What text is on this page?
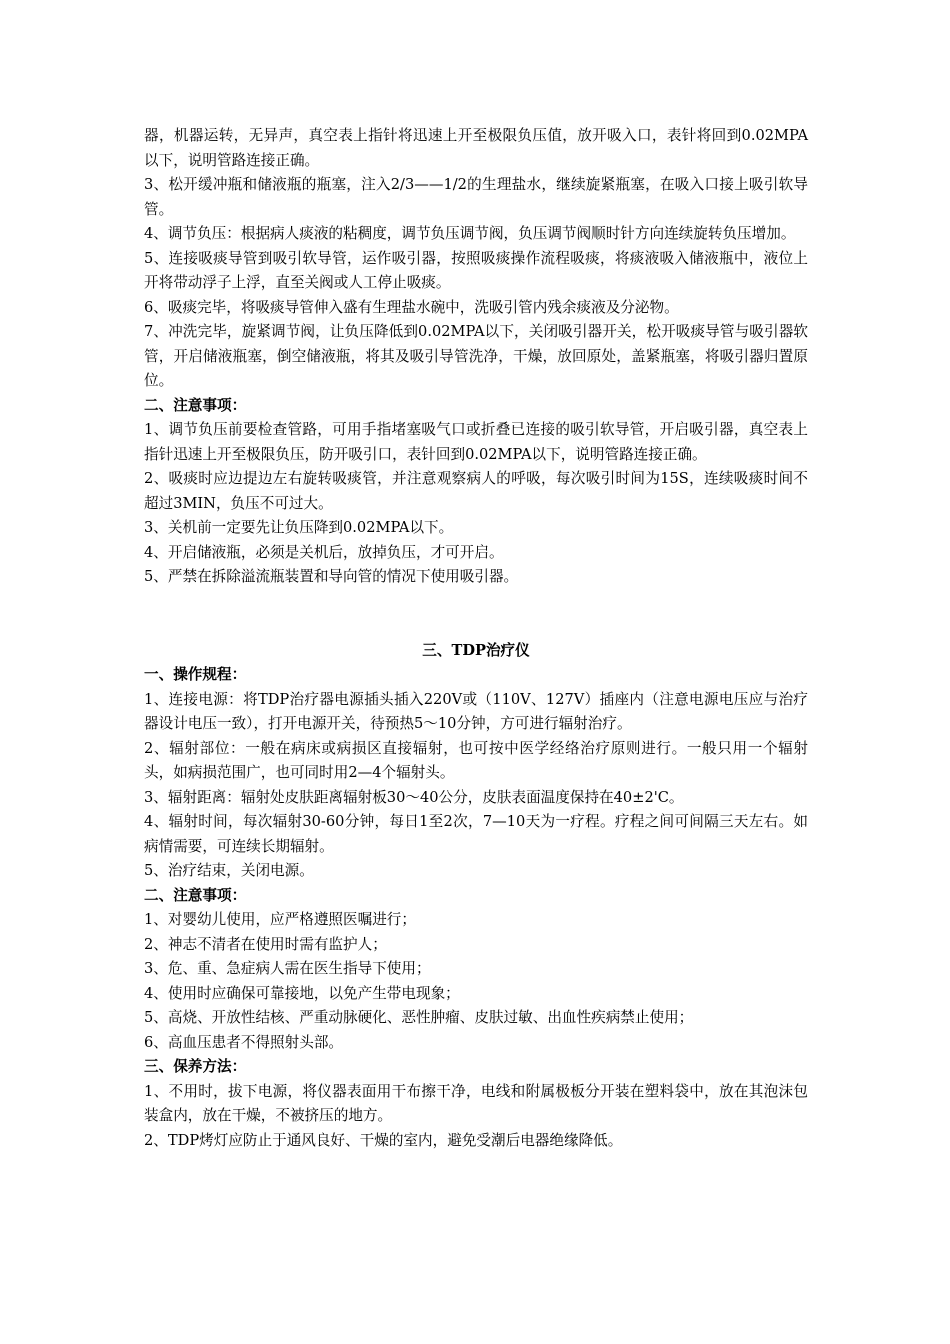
器，机器运转，无异声，真空表上指针将迅速上开至极限负压值，放开吸入口，表针将回到0.02MPA以下，说明管路连接正确。

3、松开缓冲瓶和储液瓶的瓶塞，注入2/3——1/2的生理盐水，继续旋紧瓶塞，在吸入口接上吸引软导管。

4、调节负压：根据病人痰液的粘稠度，调节负压调节阀，负压调节阀顺时针方向连续旋转负压增加。

5、连接吸痰导管到吸引软导管，运作吸引器，按照吸痰操作流程吸痰，将痰液吸入储液瓶中，液位上开将带动浮子上浮，直至关阀或人工停止吸痰。

6、吸痰完毕，将吸痰导管伸入盛有生理盐水碗中，洗吸引管内残余痰液及分泌物。

7、冲洗完毕，旋紧调节阀，让负压降低到0.02MPA以下，关闭吸引器开关，松开吸痰导管与吸引器软管，开启储液瓶塞，倒空储液瓶，将其及吸引导管洗净，干燥，放回原处，盖紧瓶塞，将吸引器归置原位。

二、注意事项：

1、调节负压前要检查管路，可用手指堵塞吸气口或折叠已连接的吸引软导管，开启吸引器，真空表上指针迅速上开至极限负压，防开吸引口，表针回到0.02MPA以下，说明管路连接正确。

2、吸痰时应边提边左右旋转吸痰管，并注意观察病人的呼吸，每次吸引时间为15S，连续吸痰时间不超过3MIN，负压不可过大。

3、关机前一定要先让负压降到0.02MPA以下。

4、开启储液瓶，必须是关机后，放掉负压，才可开启。

5、严禁在拆除溢流瓶装置和导向管的情况下使用吸引器。

三、TDP治疗仪

一、操作规程：

1、连接电源：将TDP治疗器电源插头插入220V或（110V、127V）插座内（注意电源电压应与治疗器设计电压一致），打开电源开关，待预热5～10分钟，方可进行辐射治疗。

2、辐射部位：一般在病床或病损区直接辐射，也可按中医学经络治疗原则进行。一般只用一个辐射头，如病损范围广，也可同时用2—4个辐射头。

3、辐射距离：辐射处皮肤距离辐射板30～40公分，皮肤表面温度保持在40±2'C。

4、辐射时间，每次辐射30-60分钟，每日1至2次，7—10天为一疗程。疗程之间可间隔三天左右。如病情需要，可连续长期辐射。

5、治疗结束，关闭电源。

二、注意事项：

1、对婴幼儿使用，应严格遵照医嘱进行；

2、神志不清者在使用时需有监护人；

3、危、重、急症病人需在医生指导下使用；

4、使用时应确保可靠接地，以免产生带电现象；

5、高烧、开放性结核、严重动脉硬化、恶性肿瘤、皮肤过敏、出血性疾病禁止使用；

6、高血压患者不得照射头部。

三、保养方法：

1、不用时，拔下电源，将仪器表面用干布擦干净，电线和附属极板分开装在塑料袋中，放在其泡沫包装盒内，放在干燥，不被挤压的地方。

2、TDP烤灯应防止于通风良好、干燥的室内，避免受潮后电器绝缘降低。
